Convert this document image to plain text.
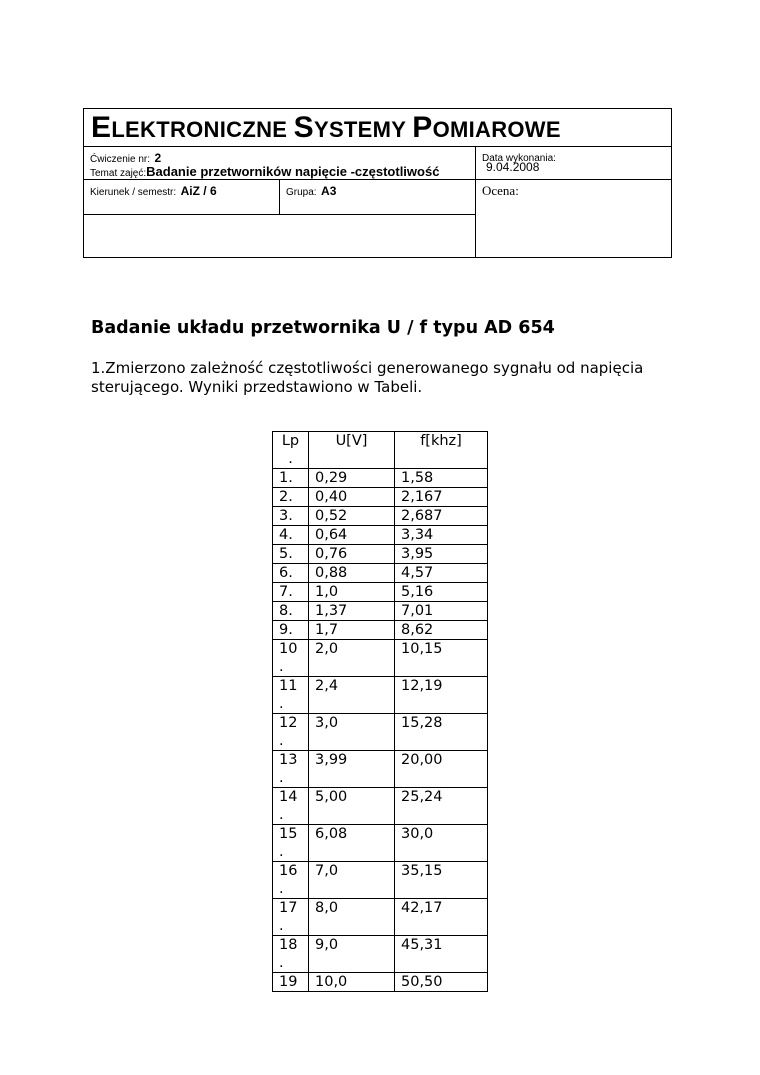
ELEKTRONICZNE SYSTEMY POMIAROWE
Ćwiczenie nr: 2
Temat zajęć:Badanie przetworników napięcie -częstotliwość
Data wykonania:
9.04.2008
Kierunek / semestr: AiZ / 6	Grupa: A3	Ocena:
Badanie układu przetwornika U / f typu AD 654
1.Zmierzono zależność częstotliwości generowanego sygnału od napięcia sterującego. Wyniki przedstawiono w Tabeli.
Lp
.	U[V]	f[khz]

1.	0,29	1,58

2.	0,40	2,167

3.	0,52	2,687

4.	0,64	3,34

5.	0,76	3,95

6.	0,88	4,57

7.	1,0	5,16

8.	1,37	7,01

9.	1,7	8,62

10
.	2,0	10,15

11
.	2,4	12,19

12
.	3,0	15,28

13
.	3,99	20,00

14
.	5,00	25,24

15
.	6,08	30,0

16
.	7,0	35,15

17
.	8,0	42,17

18
.	9,0	45,31

19	10,0	50,50
